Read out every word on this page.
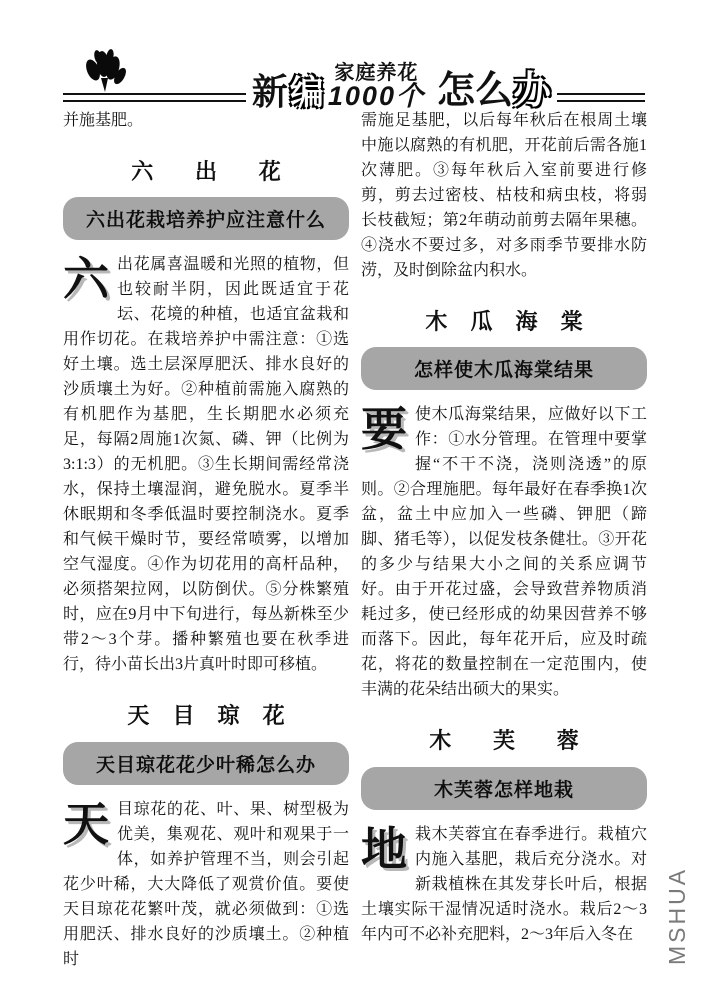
新 编
家庭养花
1000个 怎么办

并施基肥。

六出花
六出花栽培养护应注意什么

六出花属喜温暖和光照的植物，但也较耐半阴，因此既适宜于花坛、花境的种植，也适宜盆栽和用作切花。在栽培养护中需注意：①选好土壤。选土层深厚肥沃、排水良好的沙质壤土为好。②种植前需施入腐熟的有机肥作为基肥，生长期肥水必须充足，每隔2周施1次氮、磷、钾（比例为3:1:3）的无机肥。③生长期间需经常浇水，保持土壤湿润，避免脱水。夏季半休眠期和冬季低温时要控制浇水。夏季和气候干燥时节，要经常喷雾，以增加空气湿度。④作为切花用的高杆品种，必须搭架拉网，以防倒伏。⑤分株繁殖时，应在9月中下旬进行，每丛新株至少带2～3个芽。播种繁殖也要在秋季进行，待小苗长出3片真叶时即可移植。

天目琼花
天目琼花花少叶稀怎么办

天目琼花的花、叶、果、树型极为优美，集观花、观叶和观果于一体，如养护管理不当，则会引起花少叶稀，大大降低了观赏价值。要使天目琼花花繁叶茂，就必须做到：①选用肥沃、排水良好的沙质壤土。②种植时

需施足基肥，以后每年秋后在根周土壤中施以腐熟的有机肥，开花前后需各施1次薄肥。③每年秋后入室前要进行修剪，剪去过密枝、枯枝和病虫枝，将弱长枝截短；第2年萌动前剪去隔年果穗。④浇水不要过多，对多雨季节要排水防涝，及时倒除盆内积水。

木瓜海棠
怎样使木瓜海棠结果

要使木瓜海棠结果，应做好以下工作：①水分管理。在管理中要掌握“不干不浇，浇则浇透”的原则。②合理施肥。每年最好在春季换1次盆，盆土中应加入一些磷、钾肥（蹄脚、猪毛等），以促发枝条健壮。③开花的多少与结果大小之间的关系应调节好。由于开花过盛，会导致营养物质消耗过多，使已经形成的幼果因营养不够而落下。因此，每年花开后，应及时疏花，将花的数量控制在一定范围内，使丰满的花朵结出硕大的果实。

木芙蓉
木芙蓉怎样地栽

地栽木芙蓉宜在春季进行。栽植穴内施入基肥，栽后充分浇水。对新栽植株在其发芽长叶后，根据土壤实际干湿情况适时浇水。栽后2～3年内可不必补充肥料，2～3年后入冬在	MSHUA
